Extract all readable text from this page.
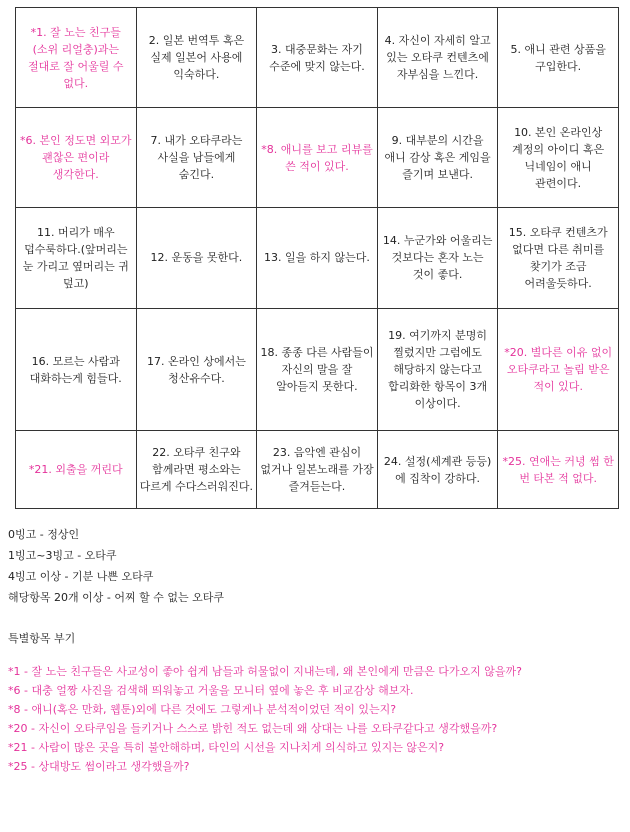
*1. 잘 노는 친구들(소위 리얼충)과는 절대로 잘 어울릴 수 없다.	2. 일본 번역투 혹은 실제 일본어 사용에 익숙하다.	3. 대중문화는 자기 수준에 맞지 않는다.	4. 자신이 자세히 알고 있는 오타쿠 컨텐츠에 자부심을 느낀다.	5. 애니 관련 상품을 구입한다.
*6. 본인 정도면 외모가 괜찮은 편이라 생각한다.	7. 내가 오타쿠라는 사실을 남들에게 숨긴다.	*8. 애니를 보고 리뷰를 쓴 적이 있다.	9. 대부분의 시간을 애니 감상 혹은 게임을 즐기며 보낸다.	10. 본인 온라인상 계정의 아이디 혹은 닉네임이 애니 관련이다.
11. 머리가 매우 덥수룩하다.(앞머리는 눈 가리고 옆머리는 귀 덮고)	12. 운동을 못한다.	13. 일을 하지 않는다.	14. 누군가와 어울리는 것보다는 혼자 노는 것이 좋다.	15. 오타쿠 컨텐츠가 없다면 다른 취미를 찾기가 조금 어려울듯하다.
16. 모르는 사람과 대화하는게 힘들다.	17. 온라인 상에서는 청산유수다.	18. 종종 다른 사람들이 자신의 말을 잘 알아듣지 못한다.	19. 여기까지 분명히 찔렸지만 그럼에도 해당하지 않는다고 합리화한 항목이 3개 이상이다.	*20. 별다른 이유 없이 오타쿠라고 놀림 받은 적이 있다.
*21. 외출을 꺼린다	22. 오타쿠 친구와 함께라면 평소와는 다르게 수다스러워진다.	23. 음악엔 관심이 없거나 일본노래를 가장 즐겨듣는다.	24. 설정(세계관 등등)에 집착이 강하다.	*25. 연애는 커녕 썸 한 번 타본 적 없다.
0빙고 - 정상인
1빙고~3빙고 - 오타쿠
4빙고 이상 - 기분 나쁜 오타쿠
해당항목 20개 이상 - 어찌 할 수 없는 오타쿠
특별항목 부기

*1 - 잘 노는 친구들은 사교성이 좋아 쉽게 남들과 허물없이 지내는데, 왜 본인에게 만큼은 다가오지 않을까?

*6 - 대충 얼짱 사진을 검색해 띄워놓고 거울을 모니터 옆에 놓은 후 비교감상 해보자.

*8 - 애니(혹은 만화, 웹툰)외에 다른 것에도 그렇게나 분석적이었던 적이 있는지?

*20 - 자신이 오타쿠임을 들키거나 스스로 밝힌 적도 없는데 왜 상대는 나를 오타쿠같다고 생각했을까?

*21 - 사람이 많은 곳을 특히 불안해하며, 타인의 시선을 지나치게 의식하고 있지는 않은지?

*25 - 상대방도 썸이라고 생각했을까?
